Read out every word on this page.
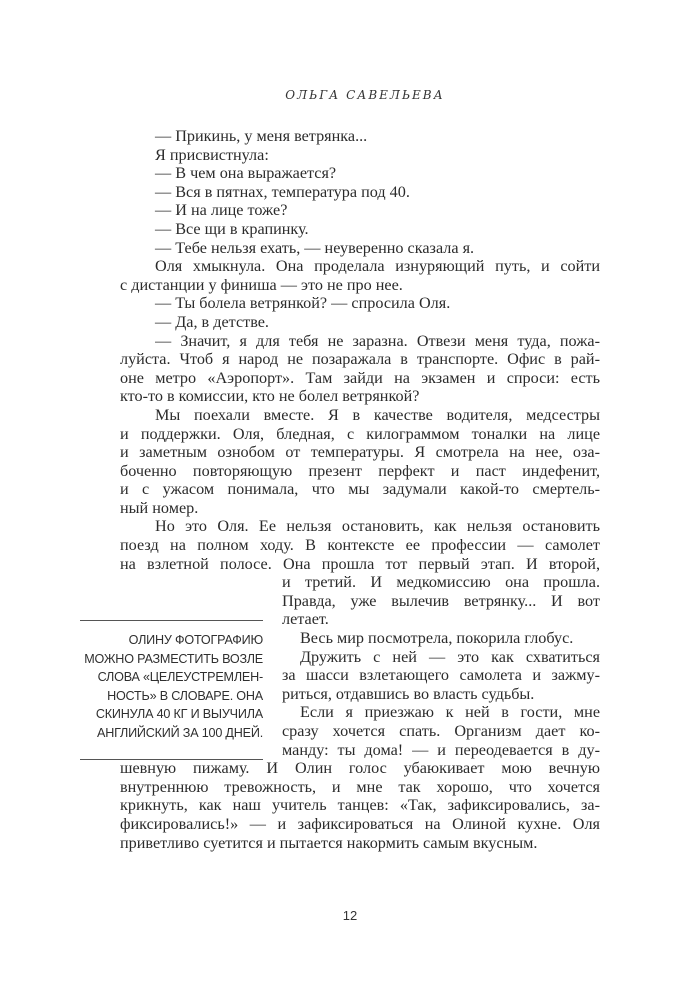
ОЛЬГА САВЕЛЬЕВА
— Прикинь, у меня ветрянка...
Я присвистнула:
— В чем она выражается?
— Вся в пятнах, температура под 40.
— И на лице тоже?
— Все щи в крапинку.
— Тебе нельзя ехать, — неуверенно сказала я.
Оля хмыкнула. Она проделала изнуряющий путь, и сойти
с дистанции у финиша — это не про нее.
— Ты болела ветрянкой? — спросила Оля.
— Да, в детстве.
— Значит, я для тебя не заразна. Отвези меня туда, пожа-
луйста. Чтоб я народ не позаражала в транспорте. Офис в рай-
оне метро «Аэропорт». Там зайди на экзамен и спроси: есть
кто-то в комиссии, кто не болел ветрянкой?
Мы поехали вместе. Я в качестве водителя, медсестры
и поддержки. Оля, бледная, с килограммом тоналки на лице
и заметным ознобом от температуры. Я смотрела на нее, оза-
боченно повторяющую презент перфект и паст индефенит,
и с ужасом понимала, что мы задумали какой-то смертель-
ный номер.
Но это Оля. Ее нельзя остановить, как нельзя остановить
поезд на полном ходу. В контексте ее профессии — самолет
на взлетной полосе. Она прошла тот первый этап. И второй,
и третий. И медкомиссию она прошла.
Правда, уже вылечив ветрянку... И вот
летает.
Весь мир посмотрела, покорила глобус.
Дружить с ней — это как схватиться
за шасси взлетающего самолета и зажму-
риться, отдавшись во власть судьбы.
Если я приезжаю к ней в гости, мне
сразу хочется спать. Организм дает ко-
манду: ты дома! — и переодевается в ду-
шевную пижаму. И Олин голос убаюкивает мою вечную
внутреннюю тревожность, и мне так хорошо, что хочется
крикнуть, как наш учитель танцев: «Так, зафиксировались, за-
фиксировались!» — и зафиксироваться на Олиной кухне. Оля
приветливо суетится и пытается накормить самым вкусным.
ОЛИНУ ФОТОГРАФИЮ
МОЖНО РАЗМЕСТИТЬ ВОЗЛЕ
СЛОВА «ЦЕЛЕУСТРЕМЛЕН-
НОСТЬ» В СЛОВАРЕ. ОНА
СКИНУЛА 40 КГ И ВЫУЧИЛА
АНГЛИЙСКИЙ ЗА 100 ДНЕЙ.
12
